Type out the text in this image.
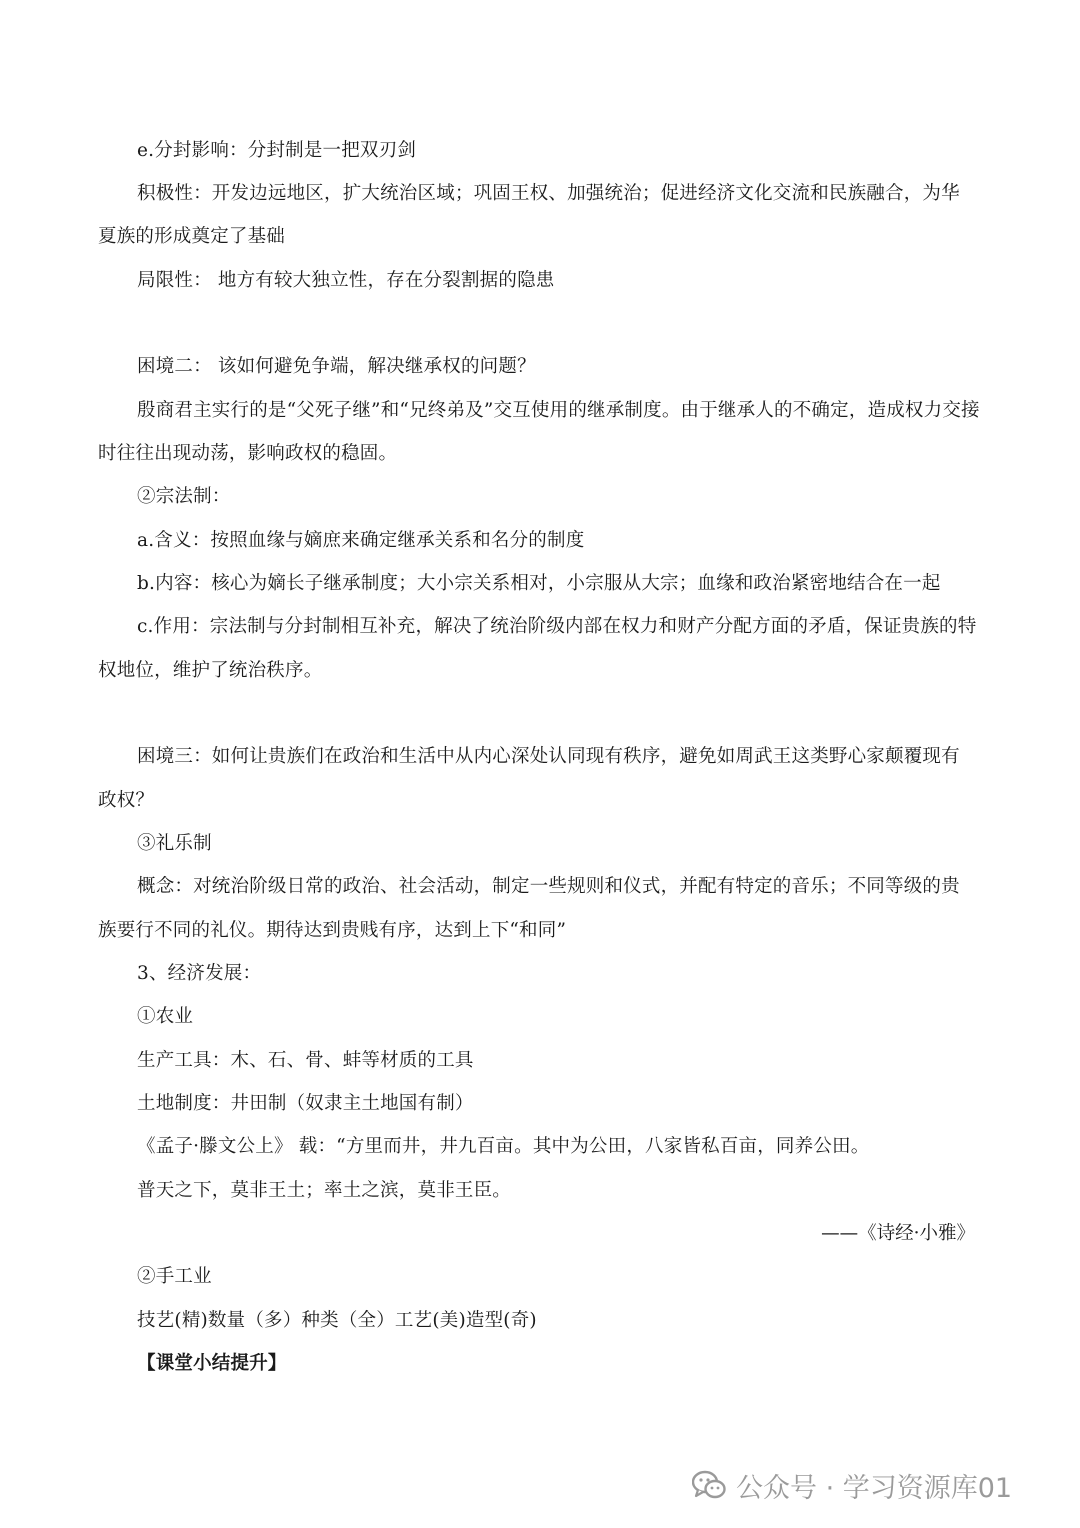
e.分封影响：分封制是一把双刃剑
积极性：开发边远地区，扩大统治区域；巩固王权、加强统治；促进经济文化交流和民族融合，为华
夏族的形成奠定了基础
局限性： 地方有较大独立性，存在分裂割据的隐患
困境二： 该如何避免争端，解决继承权的问题？
殷商君主实行的是“父死子继”和“兄终弟及”交互使用的继承制度。由于继承人的不确定，造成权力交接
时往往出现动荡，影响政权的稳固。
②宗法制：
a.含义：按照血缘与嫡庶来确定继承关系和名分的制度
b.内容：核心为嫡长子继承制度；大小宗关系相对，小宗服从大宗；血缘和政治紧密地结合在一起
c.作用：宗法制与分封制相互补充，解决了统治阶级内部在权力和财产分配方面的矛盾，保证贵族的特
权地位，维护了统治秩序。
困境三：如何让贵族们在政治和生活中从内心深处认同现有秩序，避免如周武王这类野心家颠覆现有
政权？
③礼乐制
概念：对统治阶级日常的政治、社会活动，制定一些规则和仪式，并配有特定的音乐；不同等级的贵
族要行不同的礼仪。期待达到贵贱有序，达到上下“和同”
3、经济发展：
①农业
生产工具：木、石、骨、蚌等材质的工具
土地制度：井田制（奴隶主土地国有制）
《孟子·滕文公上》 载：“方里而井，井九百亩。其中为公田，八家皆私百亩，同养公田。
普天之下，莫非王土；率土之滨，莫非王臣。
——《诗经·小雅》
②手工业
技艺(精)数量（多）种类（全）工艺(美)造型(奇)
【课堂小结提升】
公众号 · 学习资源库01
